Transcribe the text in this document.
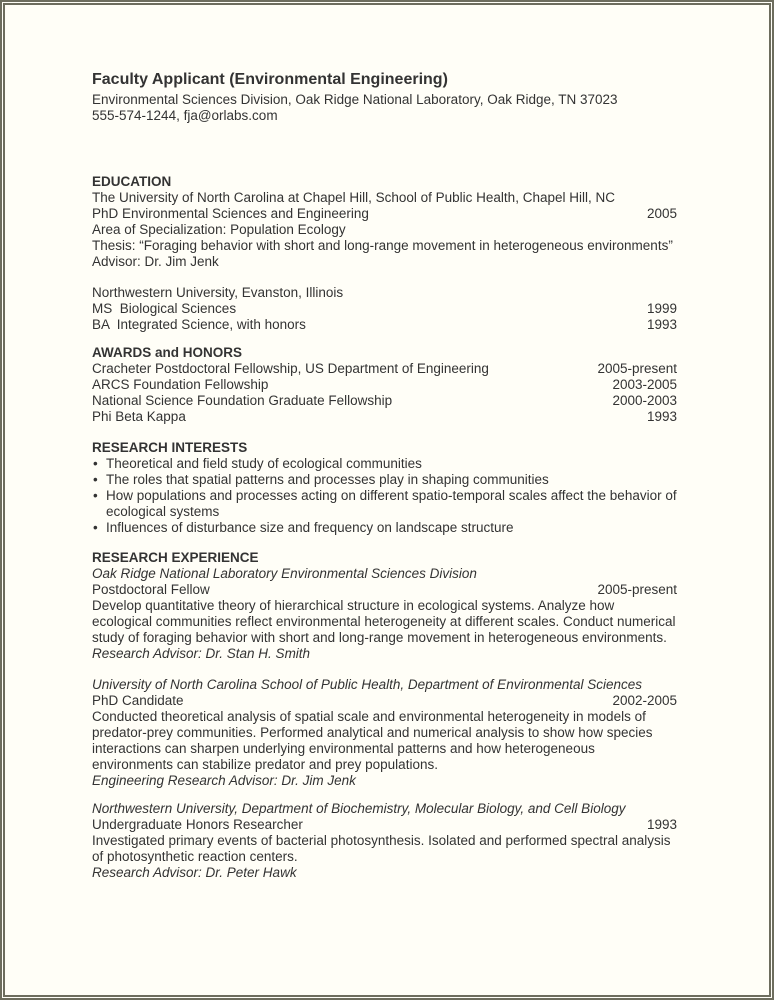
Faculty Applicant (Environmental Engineering)
Environmental Sciences Division, Oak Ridge National Laboratory, Oak Ridge, TN 37023
555-574-1244, fja@orlabs.com
EDUCATION
The University of North Carolina at Chapel Hill, School of Public Health, Chapel Hill, NC
PhD Environmental Sciences and Engineering	2005
Area of Specialization: Population Ecology
Thesis: “Foraging behavior with short and long-range movement in heterogeneous environments”
Advisor: Dr. Jim Jenk
Northwestern University, Evanston, Illinois
MS  Biological Sciences	1999
BA  Integrated Science, with honors	1993
AWARDS and HONORS
Cracheter Postdoctoral Fellowship, US Department of Engineering	2005-present
ARCS Foundation Fellowship	2003-2005
National Science Foundation Graduate Fellowship	2000-2003
Phi Beta Kappa	1993
RESEARCH INTERESTS
• Theoretical and field study of ecological communities
• The roles that spatial patterns and processes play in shaping communities
• How populations and processes acting on different spatio-temporal scales affect the behavior of ecological systems
• Influences of disturbance size and frequency on landscape structure
RESEARCH EXPERIENCE
Oak Ridge National Laboratory Environmental Sciences Division
Postdoctoral Fellow	2005-present
Develop quantitative theory of hierarchical structure in ecological systems. Analyze how ecological communities reflect environmental heterogeneity at different scales. Conduct numerical study of foraging behavior with short and long-range movement in heterogeneous environments.
Research Advisor: Dr. Stan H. Smith
University of North Carolina School of Public Health, Department of Environmental Sciences
PhD Candidate	2002-2005
Conducted theoretical analysis of spatial scale and environmental heterogeneity in models of predator-prey communities. Performed analytical and numerical analysis to show how species interactions can sharpen underlying environmental patterns and how heterogeneous environments can stabilize predator and prey populations.
Engineering Research Advisor: Dr. Jim Jenk
Northwestern University, Department of Biochemistry, Molecular Biology, and Cell Biology
Undergraduate Honors Researcher	1993
Investigated primary events of bacterial photosynthesis. Isolated and performed spectral analysis of photosynthetic reaction centers.
Research Advisor: Dr. Peter Hawk
